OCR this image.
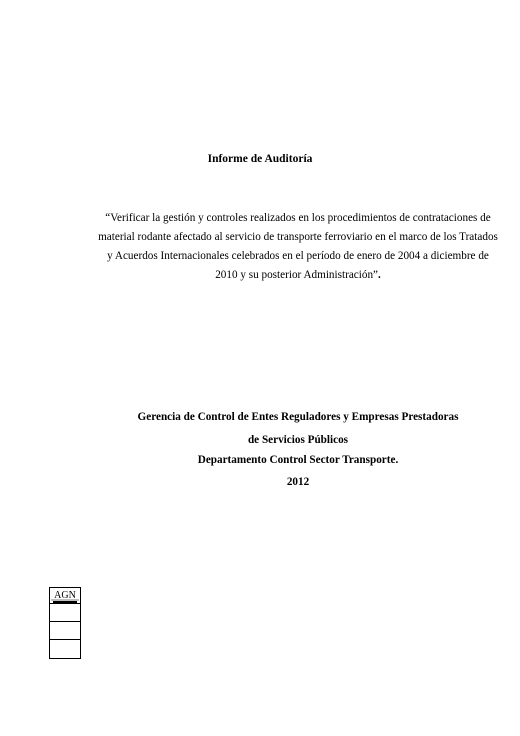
Informe de Auditoría
“Verificar la gestión y controles realizados en los procedimientos de contrataciones de material rodante afectado al servicio de transporte ferroviario en el marco de los Tratados y Acuerdos Internacionales celebrados en el período de enero de 2004 a diciembre de 2010 y su posterior Administración”.
Gerencia de Control de Entes Reguladores y Empresas Prestadoras
de Servicios Públicos
Departamento Control Sector Transporte.
2012
AGN
